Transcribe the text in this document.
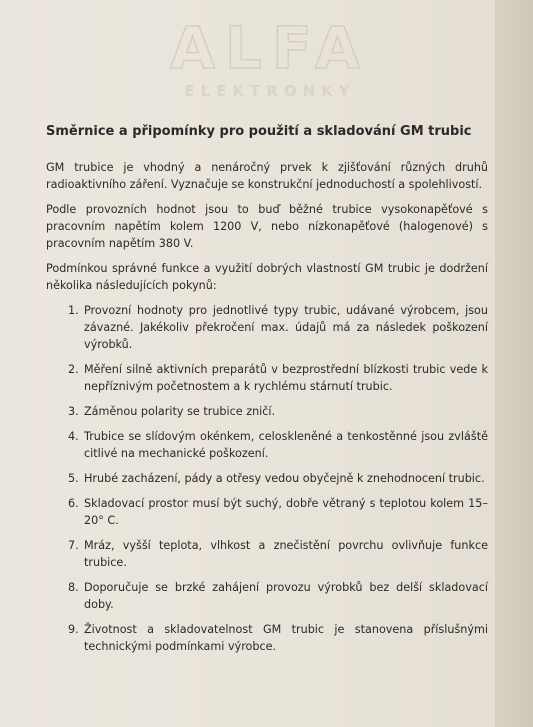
ALFA
ELEKTRONKY
Směrnice a připomínky pro použití a skladování GM trubic

GM trubice je vhodný a nenáročný prvek k zjišťování různých druhů radioaktivního záření. Vyznačuje se konstrukční jednoduchostí a spolehlivostí.

Podle provozních hodnot jsou to buď běžné trubice vysokonapěťové s pracovním napětím kolem 1200 V, nebo nízkonapěťové (halogenové) s pracovním napětím 380 V.

Podmínkou správné funkce a využití dobrých vlastností GM trubic je dodržení několika následujících pokynů:

1. Provozní hodnoty pro jednotlivé typy trubic, udávané výrobcem, jsou závazné. Jakékoliv překročení max. údajů má za následek poškození výrobků.
2. Měření silně aktivních preparátů v bezprostřední blízkosti trubic vede k nepříznivým početnostem a k rychlému stárnutí trubic.
3. Záměnou polarity se trubice zničí.
4. Trubice se slídovým okénkem, celoskleněné a tenkostěnné jsou zvláště citlivé na mechanické poškození.
5. Hrubé zacházení, pády a otřesy vedou obyčejně k znehodnocení trubic.
6. Skladovací prostor musí být suchý, dobře větraný s teplotou kolem 15–20° C.
7. Mráz, vyšší teplota, vlhkost a znečistění povrchu ovlivňuje funkce trubice.
8. Doporučuje se brzké zahájení provozu výrobků bez delší skladovací doby.
9. Životnost a skladovatelnost GM trubic je stanovena příslušnými technickými podmínkami výrobce.
